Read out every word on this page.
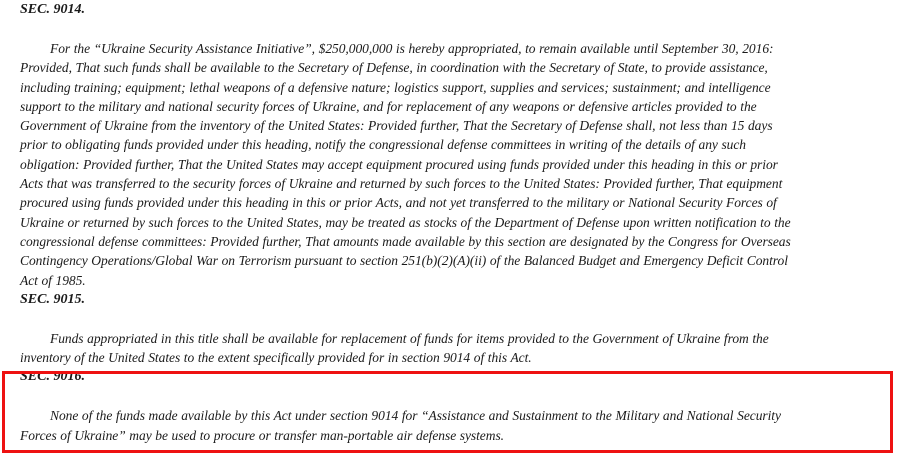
SEC. 9014.

For the “Ukraine Security Assistance Initiative”, $250,000,000 is hereby appropriated, to remain available until September 30, 2016:
Provided, That such funds shall be available to the Secretary of Defense, in coordination with the Secretary of State, to provide assistance,
including training; equipment; lethal weapons of a defensive nature; logistics support, supplies and services; sustainment; and intelligence
support to the military and national security forces of Ukraine, and for replacement of any weapons or defensive articles provided to the
Government of Ukraine from the inventory of the United States: Provided further, That the Secretary of Defense shall, not less than 15 days
prior to obligating funds provided under this heading, notify the congressional defense committees in writing of the details of any such
obligation: Provided further, That the United States may accept equipment procured using funds provided under this heading in this or prior
Acts that was transferred to the security forces of Ukraine and returned by such forces to the United States: Provided further, That equipment
procured using funds provided under this heading in this or prior Acts, and not yet transferred to the military or National Security Forces of
Ukraine or returned by such forces to the United States, may be treated as stocks of the Department of Defense upon written notification to the
congressional defense committees: Provided further, That amounts made available by this section are designated by the Congress for Overseas
Contingency Operations/Global War on Terrorism pursuant to section 251(b)(2)(A)(ii) of the Balanced Budget and Emergency Deficit Control
Act of 1985.

SEC. 9015.

Funds appropriated in this title shall be available for replacement of funds for items provided to the Government of Ukraine from the
inventory of the United States to the extent specifically provided for in section 9014 of this Act.

SEC. 9016.

None of the funds made available by this Act under section 9014 for “Assistance and Sustainment to the Military and National Security
Forces of Ukraine” may be used to procure or transfer man-portable air defense systems.
